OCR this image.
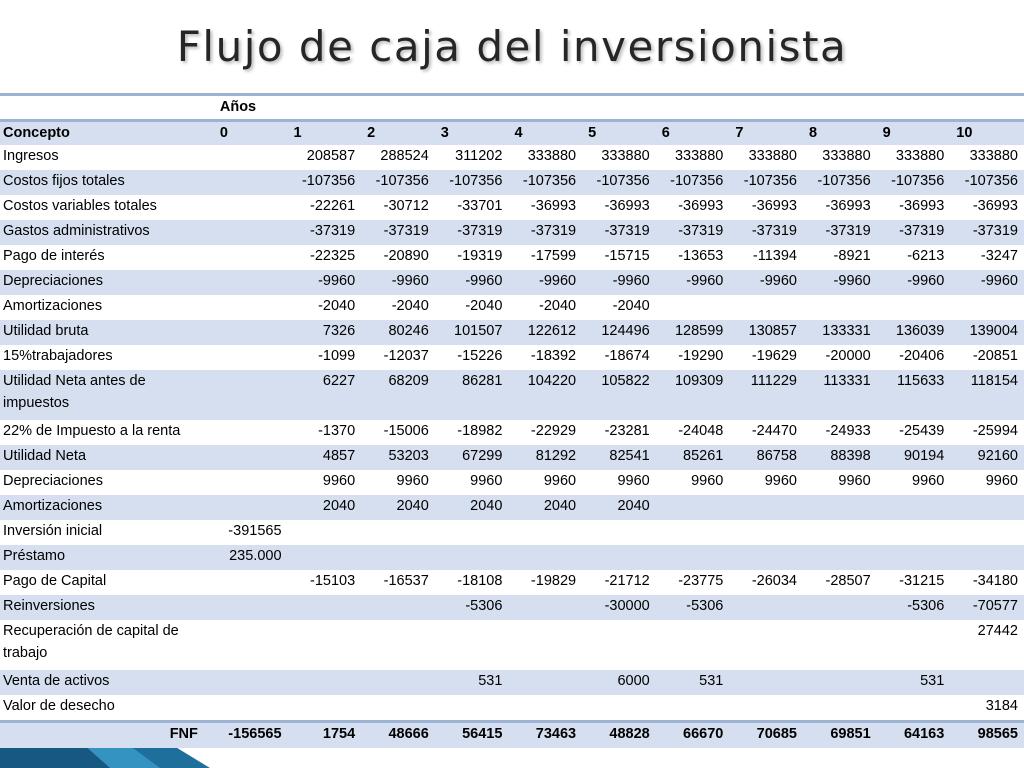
Flujo de caja del inversionista
	Años										
Concepto	0	1	2	3	4	5	6	7	8	9	10
Ingresos		208587	288524	311202	333880	333880	333880	333880	333880	333880	333880
Costos fijos totales		-107356	-107356	-107356	-107356	-107356	-107356	-107356	-107356	-107356	-107356
Costos variables totales		-22261	-30712	-33701	-36993	-36993	-36993	-36993	-36993	-36993	-36993
Gastos administrativos		-37319	-37319	-37319	-37319	-37319	-37319	-37319	-37319	-37319	-37319
Pago de interés		-22325	-20890	-19319	-17599	-15715	-13653	-11394	-8921	-6213	-3247
Depreciaciones		-9960	-9960	-9960	-9960	-9960	-9960	-9960	-9960	-9960	-9960
Amortizaciones		-2040	-2040	-2040	-2040	-2040					
Utilidad bruta		7326	80246	101507	122612	124496	128599	130857	133331	136039	139004
15%trabajadores		-1099	-12037	-15226	-18392	-18674	-19290	-19629	-20000	-20406	-20851
Utilidad Neta antes de impuestos		6227	68209	86281	104220	105822	109309	111229	113331	115633	118154
22% de Impuesto a la renta		-1370	-15006	-18982	-22929	-23281	-24048	-24470	-24933	-25439	-25994
Utilidad Neta		4857	53203	67299	81292	82541	85261	86758	88398	90194	92160
Depreciaciones		9960	9960	9960	9960	9960	9960	9960	9960	9960	9960
Amortizaciones		2040	2040	2040	2040	2040					
Inversión inicial	-391565										
Préstamo	235.000										
Pago de Capital		-15103	-16537	-18108	-19829	-21712	-23775	-26034	-28507	-31215	-34180
Reinversiones				-5306		-30000	-5306			-5306	-70577
Recuperación de capital de trabajo											27442
Venta de activos				531		6000	531			531	
Valor de desecho											3184
FNF	-156565	1754	48666	56415	73463	48828	66670	70685	69851	64163	98565
